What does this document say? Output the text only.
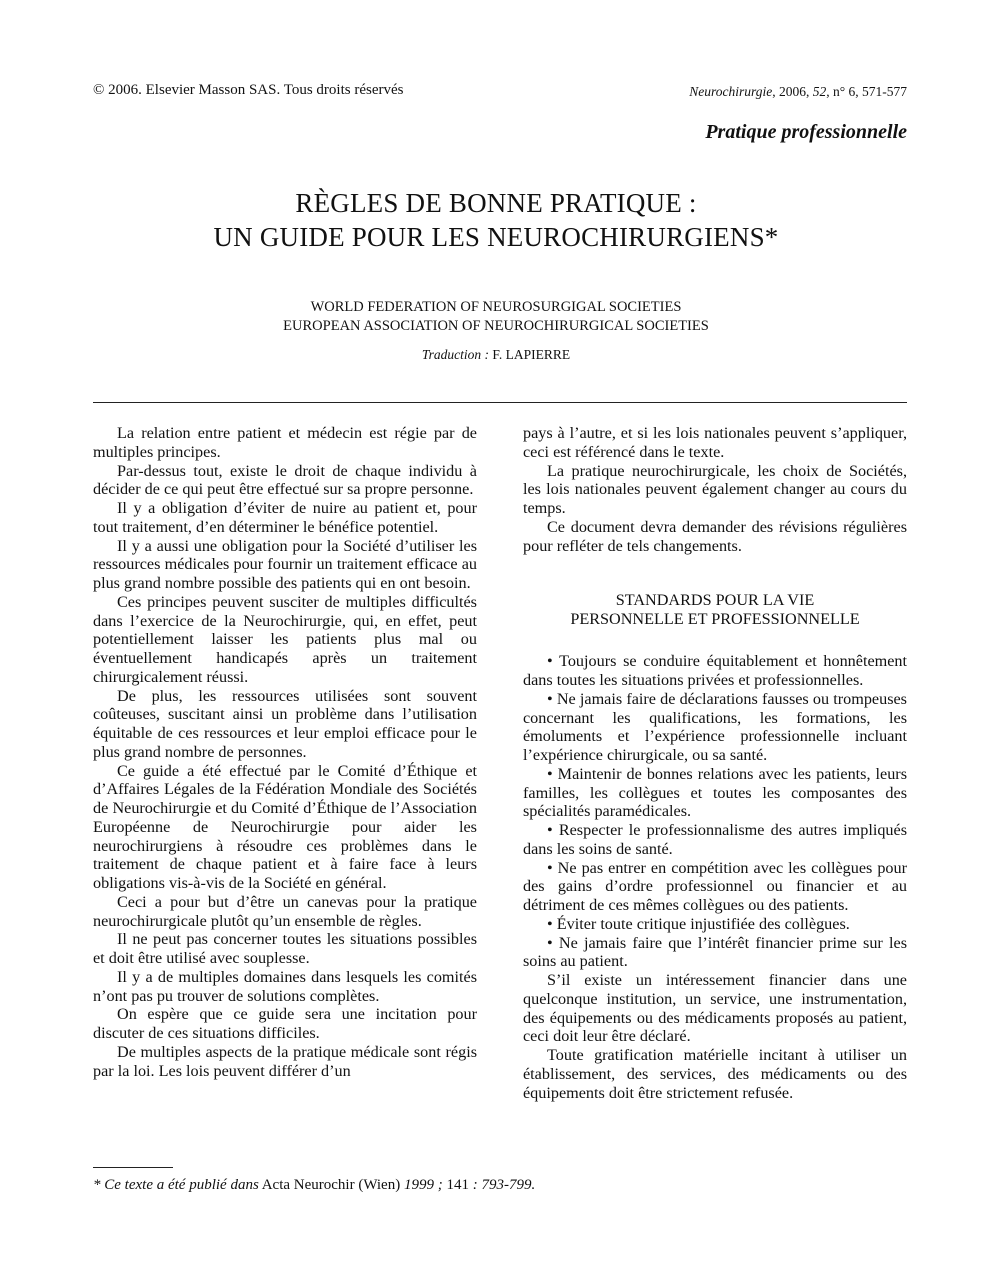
© 2006. Elsevier Masson SAS. Tous droits réservés	Neurochirurgie, 2006, 52, n° 6, 571-577
Pratique professionnelle
RÈGLES DE BONNE PRATIQUE :
UN GUIDE POUR LES NEUROCHIRURGIENS*
WORLD FEDERATION OF NEUROSURGIGAL SOCIETIES
EUROPEAN ASSOCIATION OF NEUROCHIRURGICAL SOCIETIES
Traduction : F. LAPIERRE

La relation entre patient et médecin est régie par de multiples principes.

Par-dessus tout, existe le droit de chaque individu à décider de ce qui peut être effectué sur sa propre personne.

Il y a obligation d’éviter de nuire au patient et, pour tout traitement, d’en déterminer le bénéfice potentiel.

Il y a aussi une obligation pour la Société d’utiliser les ressources médicales pour fournir un traitement efficace au plus grand nombre possible des patients qui en ont besoin.

Ces principes peuvent susciter de multiples difficultés dans l’exercice de la Neurochirurgie, qui, en effet, peut potentiellement laisser les patients plus mal ou éventuellement handicapés après un traitement chirurgicalement réussi.

De plus, les ressources utilisées sont souvent coûteuses, suscitant ainsi un problème dans l’utilisation équitable de ces ressources et leur emploi efficace pour le plus grand nombre de personnes.

Ce guide a été effectué par le Comité d’Éthique et d’Affaires Légales de la Fédération Mondiale des Sociétés de Neurochirurgie et du Comité d’Éthique de l’Association Européenne de Neurochirurgie pour aider les neurochirurgiens à résoudre ces problèmes dans le traitement de chaque patient et à faire face à leurs obligations vis-à-vis de la Société en général.

Ceci a pour but d’être un canevas pour la pratique neurochirurgicale plutôt qu’un ensemble de règles.

Il ne peut pas concerner toutes les situations possibles et doit être utilisé avec souplesse.

Il y a de multiples domaines dans lesquels les comités n’ont pas pu trouver de solutions complètes.

On espère que ce guide sera une incitation pour discuter de ces situations difficiles.

De multiples aspects de la pratique médicale sont régis par la loi. Les lois peuvent différer d’un

pays à l’autre, et si les lois nationales peuvent s’appliquer, ceci est référencé dans le texte.

La pratique neurochirurgicale, les choix de Sociétés, les lois nationales peuvent également changer au cours du temps.

Ce document devra demander des révisions régulières pour refléter de tels changements.

STANDARDS POUR LA VIE
PERSONNELLE ET PROFESSIONNELLE

• Toujours se conduire équitablement et honnêtement dans toutes les situations privées et professionnelles.

• Ne jamais faire de déclarations fausses ou trompeuses concernant les qualifications, les formations, les émoluments et l’expérience professionnelle incluant l’expérience chirurgicale, ou sa santé.

• Maintenir de bonnes relations avec les patients, leurs familles, les collègues et toutes les composantes des spécialités paramédicales.

• Respecter le professionnalisme des autres impliqués dans les soins de santé.

• Ne pas entrer en compétition avec les collègues pour des gains d’ordre professionnel ou financier et au détriment de ces mêmes collègues ou des patients.

• Éviter toute critique injustifiée des collègues.

• Ne jamais faire que l’intérêt financier prime sur les soins au patient.

S’il existe un intéressement financier dans une quelconque institution, un service, une instrumentation, des équipements ou des médicaments proposés au patient, ceci doit leur être déclaré.

Toute gratification matérielle incitant à utiliser un établissement, des services, des médicaments ou des équipements doit être strictement refusée.

* Ce texte a été publié dans Acta Neurochir (Wien) 1999 ; 141 : 793-799.
